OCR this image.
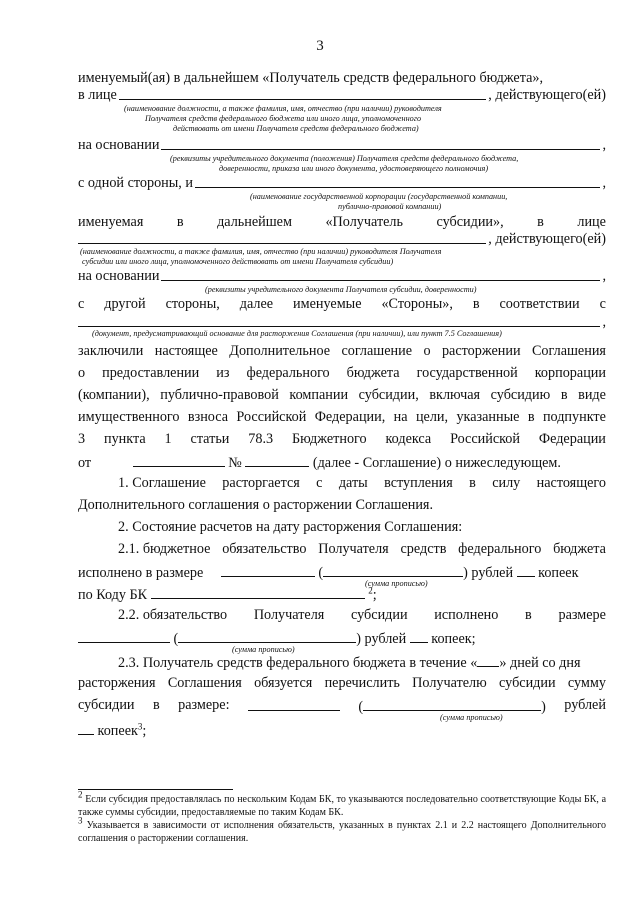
3
именуемый(ая) в дальнейшем «Получатель средств федерального бюджета»,
в лице	, действующего(ей)
(наименование должности, а также фамилия, имя, отчество (при наличии) руководителя
Получателя средств федерального бюджета или иного лица, уполномоченного
действовать от имени Получателя средств федерального бюджета)
на основании	,
(реквизиты учредительного документа (положения) Получателя средств федерального бюджета,
доверенности, приказа или иного документа, удостоверяющего полномочия)
с одной стороны, и	,
(наименование государственной корпорации (государственной компании,
публично-правовой компании)
именуемая в дальнейшем «Получатель субсидии», в лице
, действующего(ей)
(наименование должности, а также фамилия, имя, отчество (при наличии) руководителя Получателя
субсидии или иного лица, уполномоченного действовать от имени Получателя субсидии)
на основании	,
(реквизиты учредительного документа Получателя субсидии, доверенности)
с другой стороны, далее именуемые «Стороны», в соответствии с
,
(документ, предусматривающий основание для расторжения Соглашения (при наличии), или пункт 7.5 Соглашения)
заключили настоящее Дополнительное соглашение о расторжении Соглашения
о предоставлении из федерального бюджета государственной корпорации
(компании), публично-правовой компании субсидии, включая субсидию в виде
имущественного взноса Российской Федерации, на цели, указанные в подпункте
3 пункта 1 статьи 78.3 Бюджетного кодекса Российской Федерации
от	№	(далее - Соглашение) о нижеследующем.
1. Соглашение расторгается с даты вступления в силу настоящего
Дополнительного соглашения о расторжении Соглашения.
2. Состояние расчетов на дату расторжения Соглашения:
2.1. бюджетное обязательство Получателя средств федерального бюджета
исполнено в размере	(	) рублей копеек
(сумма прописью)
по Коду БК	$^2$;
2.2. обязательство Получателя субсидии исполнено в размере
(	) рублей копеек;
(сумма прописью)
2.3. Получатель средств федерального бюджета в течение « » дней со дня
расторжения Соглашения обязуется перечислить Получателю субсидии сумму
субсидии в размере:	(	) рублей
(сумма прописью)
копеек$^3$;
$^2$ Если субсидия предоставлялась по нескольким Кодам БК, то указываются последовательно соответствующие Коды БК, а также суммы субсидии, предоставляемые по таким Кодам БК.
$^3$ Указывается в зависимости от исполнения обязательств, указанных в пунктах 2.1 и 2.2 настоящего Дополнительного соглашения о расторжении соглашения.
